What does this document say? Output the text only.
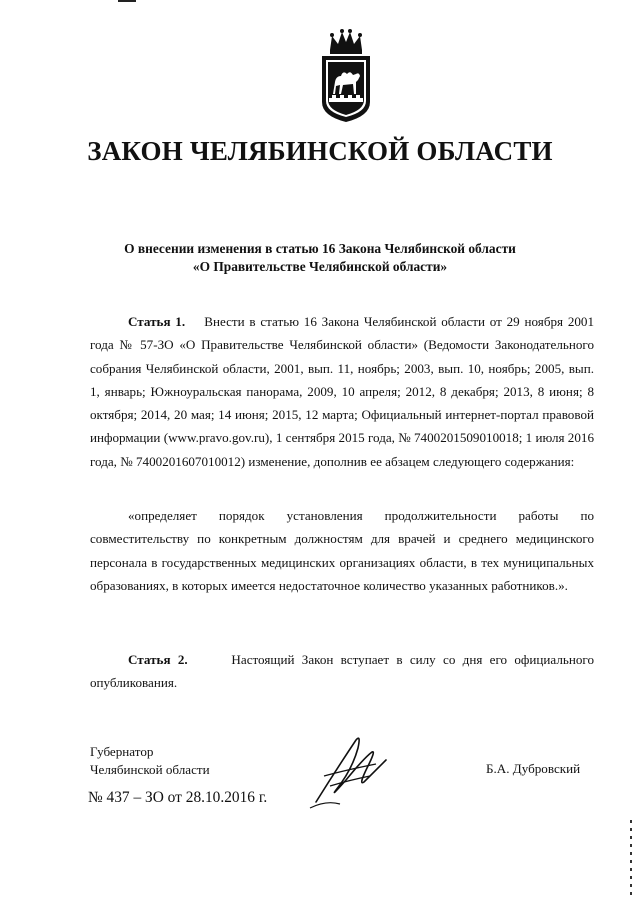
ЗАКОН ЧЕЛЯБИНСКОЙ ОБЛАСТИ
О внесении изменения в статью 16 Закона Челябинской области
«О Правительстве Челябинской области»

Статья 1. Внести в статью 16 Закона Челябинской области от 29 ноября 2001 года № 57-ЗО «О Правительстве Челябинской области» (Ведомости Законодательного собрания Челябинской области, 2001, вып. 11, ноябрь; 2003, вып. 10, ноябрь; 2005, вып. 1, январь; Южноуральская панорама, 2009, 10 апреля; 2012, 8 декабря; 2013, 8 июня; 8 октября; 2014, 20 мая; 14 июня; 2015, 12 марта; Официальный интернет-портал правовой информации (www.pravo.gov.ru), 1 сентября 2015 года, № 7400201509010018; 1 июля 2016 года, № 7400201607010012) изменение, дополнив ее абзацем следующего содержания:

«определяет порядок установления продолжительности работы по совместительству по конкретным должностям для врачей и среднего медицинского персонала в государственных медицинских организациях области, в тех муниципальных образованиях, в которых имеется недостаточное количество указанных работников.».

Статья 2.	Настоящий Закон вступает в силу со дня его официального опубликования.

Губернатор
Челябинской области	Б.А. Дубровский
№ 437 – ЗО от 28.10.2016 г.
